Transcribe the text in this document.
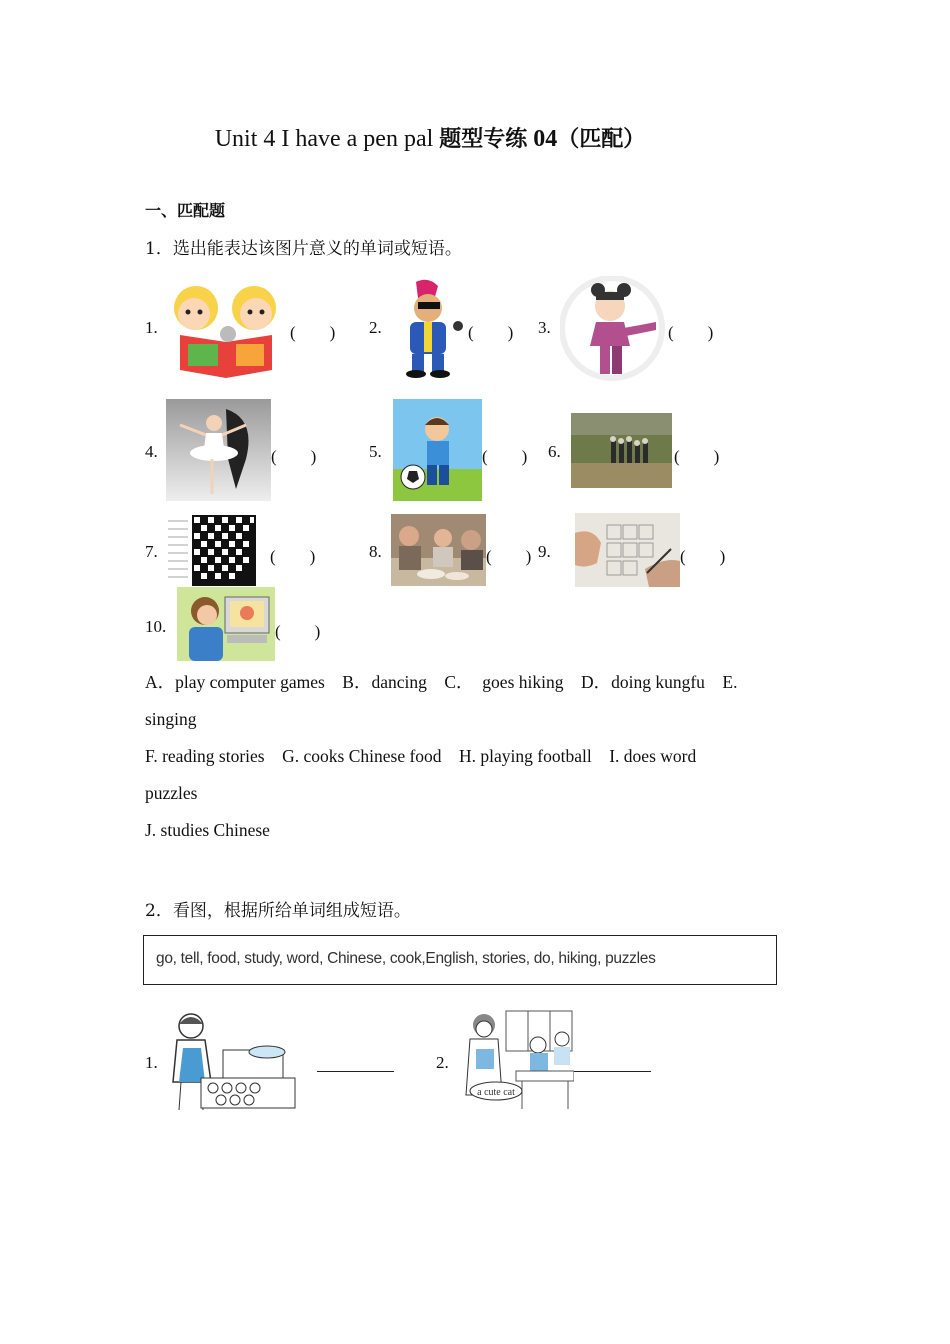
Unit 4 I have a pen pal 题型专练 04（匹配）
一、匹配题
1．选出能表达该图片意义的单词或短语。
1.	(　　) 2.	(　　) 3.	(　　)
4.	(　　)	5.	(　　) 6.	(　　)
7.	(　　)	8.	(　　) 9.	(　　)
10.	(　　)
A．play computer games　B．dancing　C．　goes hiking　D．doing kungfu　E.
singing
F. reading stories　G. cooks Chinese food　H. playing football　I. does word
puzzles
J. studies Chinese
2．看图，根据所给单词组成短语。
go, tell, food, study, word, Chinese, cook,English, stories, do, hiking, puzzles
1.	2.
a cute cat
